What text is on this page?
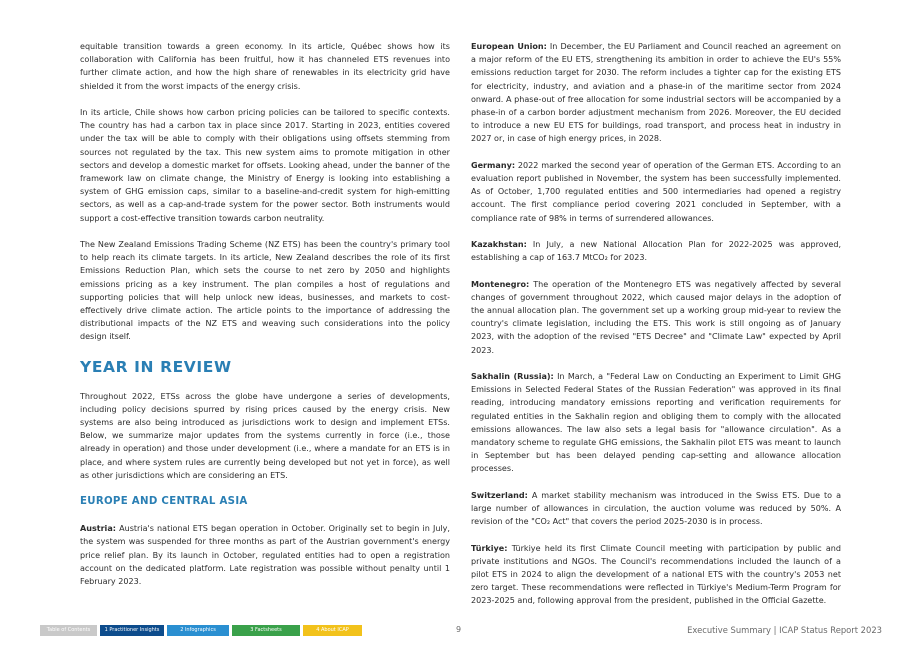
equitable transition towards a green economy. In its article, Québec shows how its collaboration with California has been fruitful, how it has channeled ETS revenues into further climate action, and how the high share of renewables in its electricity grid have shielded it from the worst impacts of the energy crisis.

In its article, Chile shows how carbon pricing policies can be tailored to specific contexts. The country has had a carbon tax in place since 2017. Starting in 2023, entities covered under the tax will be able to comply with their obligations using offsets stemming from sources not regulated by the tax. This new system aims to promote mitigation in other sectors and develop a domestic market for offsets. Looking ahead, under the banner of the framework law on climate change, the Ministry of Energy is looking into establishing a system of GHG emission caps, similar to a baseline-and-credit system for high-emitting sectors, as well as a cap-and-trade system for the power sector. Both instruments would support a cost-effective transition towards carbon neutrality.

The New Zealand Emissions Trading Scheme (NZ ETS) has been the country's primary tool to help reach its climate targets. In its article, New Zealand describes the role of its first Emissions Reduction Plan, which sets the course to net zero by 2050 and highlights emissions pricing as a key instrument. The plan compiles a host of regulations and supporting policies that will help unlock new ideas, businesses, and markets to cost-effectively drive climate action. The article points to the importance of addressing the distributional impacts of the NZ ETS and weaving such considerations into the policy design itself.

YEAR IN REVIEW

Throughout 2022, ETSs across the globe have undergone a series of developments, including policy decisions spurred by rising prices caused by the energy crisis. New systems are also being introduced as jurisdictions work to design and implement ETSs. Below, we summarize major updates from the systems currently in force (i.e., those already in operation) and those under development (i.e., where a mandate for an ETS is in place, and where system rules are currently being developed but not yet in force), as well as other jurisdictions which are considering an ETS.

EUROPE AND CENTRAL ASIA

Austria: Austria's national ETS began operation in October. Originally set to begin in July, the system was suspended for three months as part of the Austrian government's energy price relief plan. By its launch in October, regulated entities had to open a registration account on the dedicated platform. Late registration was possible without penalty until 1 February 2023.

European Union: In December, the EU Parliament and Council reached an agreement on a major reform of the EU ETS, strengthening its ambition in order to achieve the EU's 55% emissions reduction target for 2030. The reform includes a tighter cap for the existing ETS for electricity, industry, and aviation and a phase-in of the maritime sector from 2024 onward. A phase-out of free allocation for some industrial sectors will be accompanied by a phase-in of a carbon border adjustment mechanism from 2026. Moreover, the EU decided to introduce a new EU ETS for buildings, road transport, and process heat in industry in 2027 or, in case of high energy prices, in 2028.

Germany: 2022 marked the second year of operation of the German ETS. According to an evaluation report published in November, the system has been successfully implemented. As of October, 1,700 regulated entities and 500 intermediaries had opened a registry account. The first compliance period covering 2021 concluded in September, with a compliance rate of 98% in terms of surrendered allowances.

Kazakhstan: In July, a new National Allocation Plan for 2022-2025 was approved, establishing a cap of 163.7 MtCO₂ for 2023.

Montenegro: The operation of the Montenegro ETS was negatively affected by several changes of government throughout 2022, which caused major delays in the adoption of the annual allocation plan. The government set up a working group mid-year to review the country's climate legislation, including the ETS. This work is still ongoing as of January 2023, with the adoption of the revised "ETS Decree" and "Climate Law" expected by April 2023.

Sakhalin (Russia): In March, a "Federal Law on Conducting an Experiment to Limit GHG Emissions in Selected Federal States of the Russian Federation" was approved in its final reading, introducing mandatory emissions reporting and verification requirements for regulated entities in the Sakhalin region and obliging them to comply with the allocated emissions allowances. The law also sets a legal basis for "allowance circulation". As a mandatory scheme to regulate GHG emissions, the Sakhalin pilot ETS was meant to launch in September but has been delayed pending cap-setting and allowance allocation processes.

Switzerland: A market stability mechanism was introduced in the Swiss ETS. Due to a large number of allowances in circulation, the auction volume was reduced by 50%. A revision of the "CO₂ Act" that covers the period 2025-2030 is in process.

Türkiye: Türkiye held its first Climate Council meeting with participation by public and private institutions and NGOs. The Council's recommendations included the launch of a pilot ETS in 2024 to align the development of a national ETS with the country's 2053 net zero target. These recommendations were reflected in Türkiye's Medium-Term Program for 2023-2025 and, following approval from the president, published in the Official Gazette.

Table of Contents	1 Practitioner Insights	2 Infographics	3 Factsheets	4 About ICAP	9	Executive Summary | ICAP Status Report 2023
